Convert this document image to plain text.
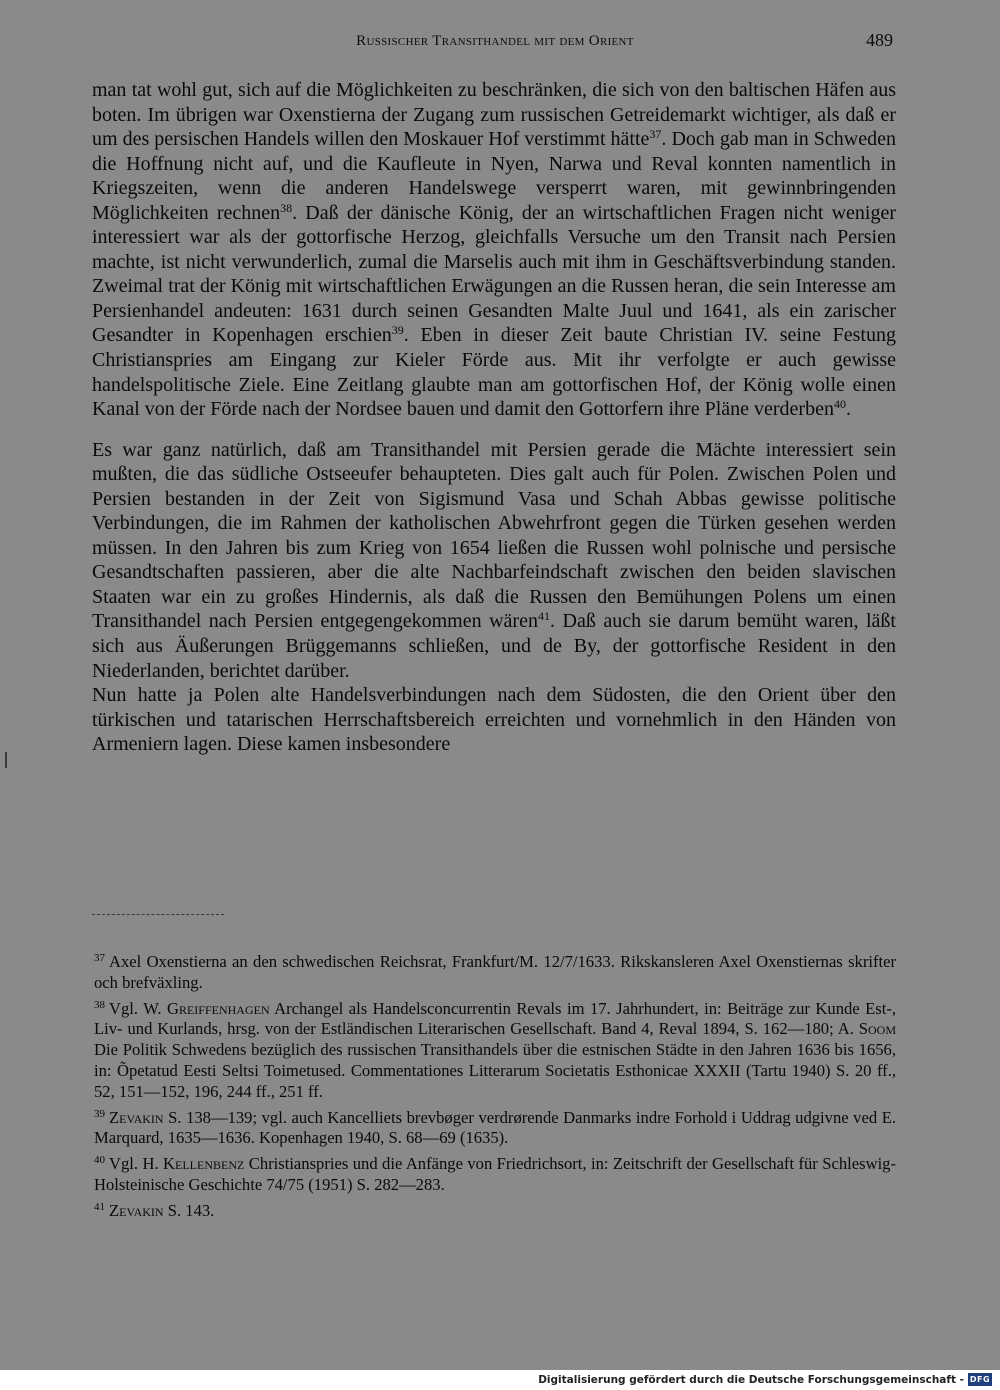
Russischer Transithandel mit dem Orient	489

man tat wohl gut, sich auf die Möglichkeiten zu beschränken, die sich von den baltischen Häfen aus boten. Im übrigen war Oxenstierna der Zugang zum russischen Getreidemarkt wichtiger, als daß er um des persischen Handels willen den Moskauer Hof verstimmt hätte$^{37}$. Doch gab man in Schweden die Hoffnung nicht auf, und die Kaufleute in Nyen, Narwa und Reval konnten namentlich in Kriegszeiten, wenn die anderen Handelswege versperrt waren, mit gewinnbringenden Möglichkeiten rechnen$^{38}$. Daß der dänische König, der an wirtschaftlichen Fragen nicht weniger interessiert war als der gottorfische Herzog, gleichfalls Versuche um den Transit nach Persien machte, ist nicht verwunderlich, zumal die Marselis auch mit ihm in Geschäftsverbindung standen. Zweimal trat der König mit wirtschaftlichen Erwägungen an die Russen heran, die sein Interesse am Persienhandel andeuten: 1631 durch seinen Gesandten Malte Juul und 1641, als ein zarischer Gesandter in Kopenhagen erschien$^{39}$. Eben in dieser Zeit baute Christian IV. seine Festung Christianspries am Eingang zur Kieler Förde aus. Mit ihr verfolgte er auch gewisse handelspolitische Ziele. Eine Zeitlang glaubte man am gottorfischen Hof, der König wolle einen Kanal von der Förde nach der Nordsee bauen und damit den Gottorfern ihre Pläne verderben$^{40}$.

Es war ganz natürlich, daß am Transithandel mit Persien gerade die Mächte interessiert sein mußten, die das südliche Ostseeufer behaupteten. Dies galt auch für Polen. Zwischen Polen und Persien bestanden in der Zeit von Sigismund Vasa und Schah Abbas gewisse politische Verbindungen, die im Rahmen der katholischen Abwehrfront gegen die Türken gesehen werden müssen. In den Jahren bis zum Krieg von 1654 ließen die Russen wohl polnische und persische Gesandtschaften passieren, aber die alte Nachbarfeindschaft zwischen den beiden slavischen Staaten war ein zu großes Hindernis, als daß die Russen den Bemühungen Polens um einen Transithandel nach Persien entgegengekommen wären$^{41}$. Daß auch sie darum bemüht waren, läßt sich aus Äußerungen Brüggemanns schließen, und de By, der gottorfische Resident in den Niederlanden, berichtet darüber.

Nun hatte ja Polen alte Handelsverbindungen nach dem Südosten, die den Orient über den türkischen und tatarischen Herrschaftsbereich erreichten und vornehmlich in den Händen von Armeniern lagen. Diese kamen insbesondere

$^{37}$ Axel Oxenstierna an den schwedischen Reichsrat, Frankfurt/M. 12/7/1633. Rikskansleren Axel Oxenstiernas skrifter och brefväxling.

$^{38}$ Vgl. W. Greiffenhagen Archangel als Handelsconcurrentin Revals im 17. Jahrhundert, in: Beiträge zur Kunde Est-, Liv- und Kurlands, hrsg. von der Estländischen Literarischen Gesellschaft. Band 4, Reval 1894, S. 162—180; A. Soom Die Politik Schwedens bezüglich des russischen Transithandels über die estnischen Städte in den Jahren 1636 bis 1656, in: Õpetatud Eesti Seltsi Toimetused. Commentationes Litterarum Societatis Esthonicae XXXII (Tartu 1940) S. 20 ff., 52, 151—152, 196, 244 ff., 251 ff.

$^{39}$ Zevakin S. 138—139; vgl. auch Kancelliets brevbøger verdrørende Danmarks indre Forhold i Uddrag udgivne ved E. Marquard, 1635—1636. Kopenhagen 1940, S. 68—69 (1635).

$^{40}$ Vgl. H. Kellenbenz Christianspries und die Anfänge von Friedrichsort, in: Zeitschrift der Gesellschaft für Schleswig-Holsteinische Geschichte 74/75 (1951) S. 282—283.

$^{41}$ Zevakin S. 143.

Digitalisierung gefördert durch die Deutsche Forschungsgemeinschaft - DFG
